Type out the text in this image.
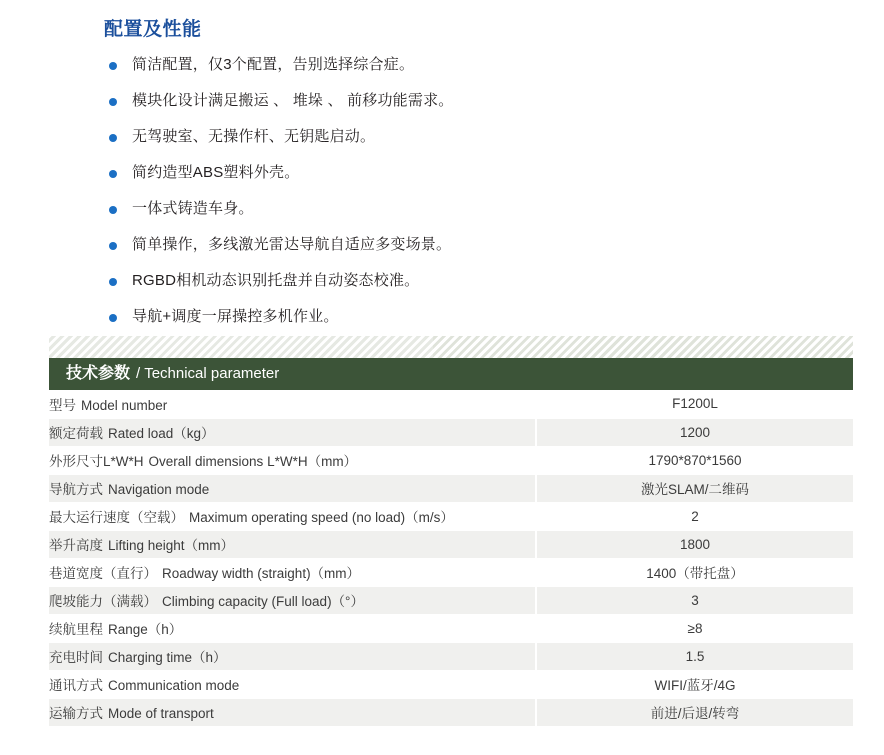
配置及性能
简洁配置，仅3个配置，告别选择综合症。
模块化设计满足搬运 、 堆垛 、 前移功能需求。
无驾驶室、无操作杆、无钥匙启动。
简约造型ABS塑料外壳。
一体式铸造车身。
简单操作，多线激光雷达导航自适应多变场景。
RGBD相机动态识别托盘并自动姿态校准。
导航+调度一屏操控多机作业。
技术参数 / Technical parameter
型号 Model number	F1200L
额定荷载 Rated load（kg）	1200
外形尺寸L*W*H Overall dimensions L*W*H（mm）	1790*870*1560
导航方式 Navigation mode	激光SLAM/二维码
最大运行速度（空载） Maximum operating speed (no load)（m/s）	2
举升高度 Lifting height（mm）	1800
巷道宽度（直行） Roadway width (straight)（mm）	1400（带托盘）
爬坡能力（满载） Climbing capacity (Full load)（°）	3
续航里程 Range（h）	≥8
充电时间 Charging time（h）	1.5
通讯方式 Communication mode	WIFI/蓝牙/4G
运输方式 Mode of transport	前进/后退/转弯
